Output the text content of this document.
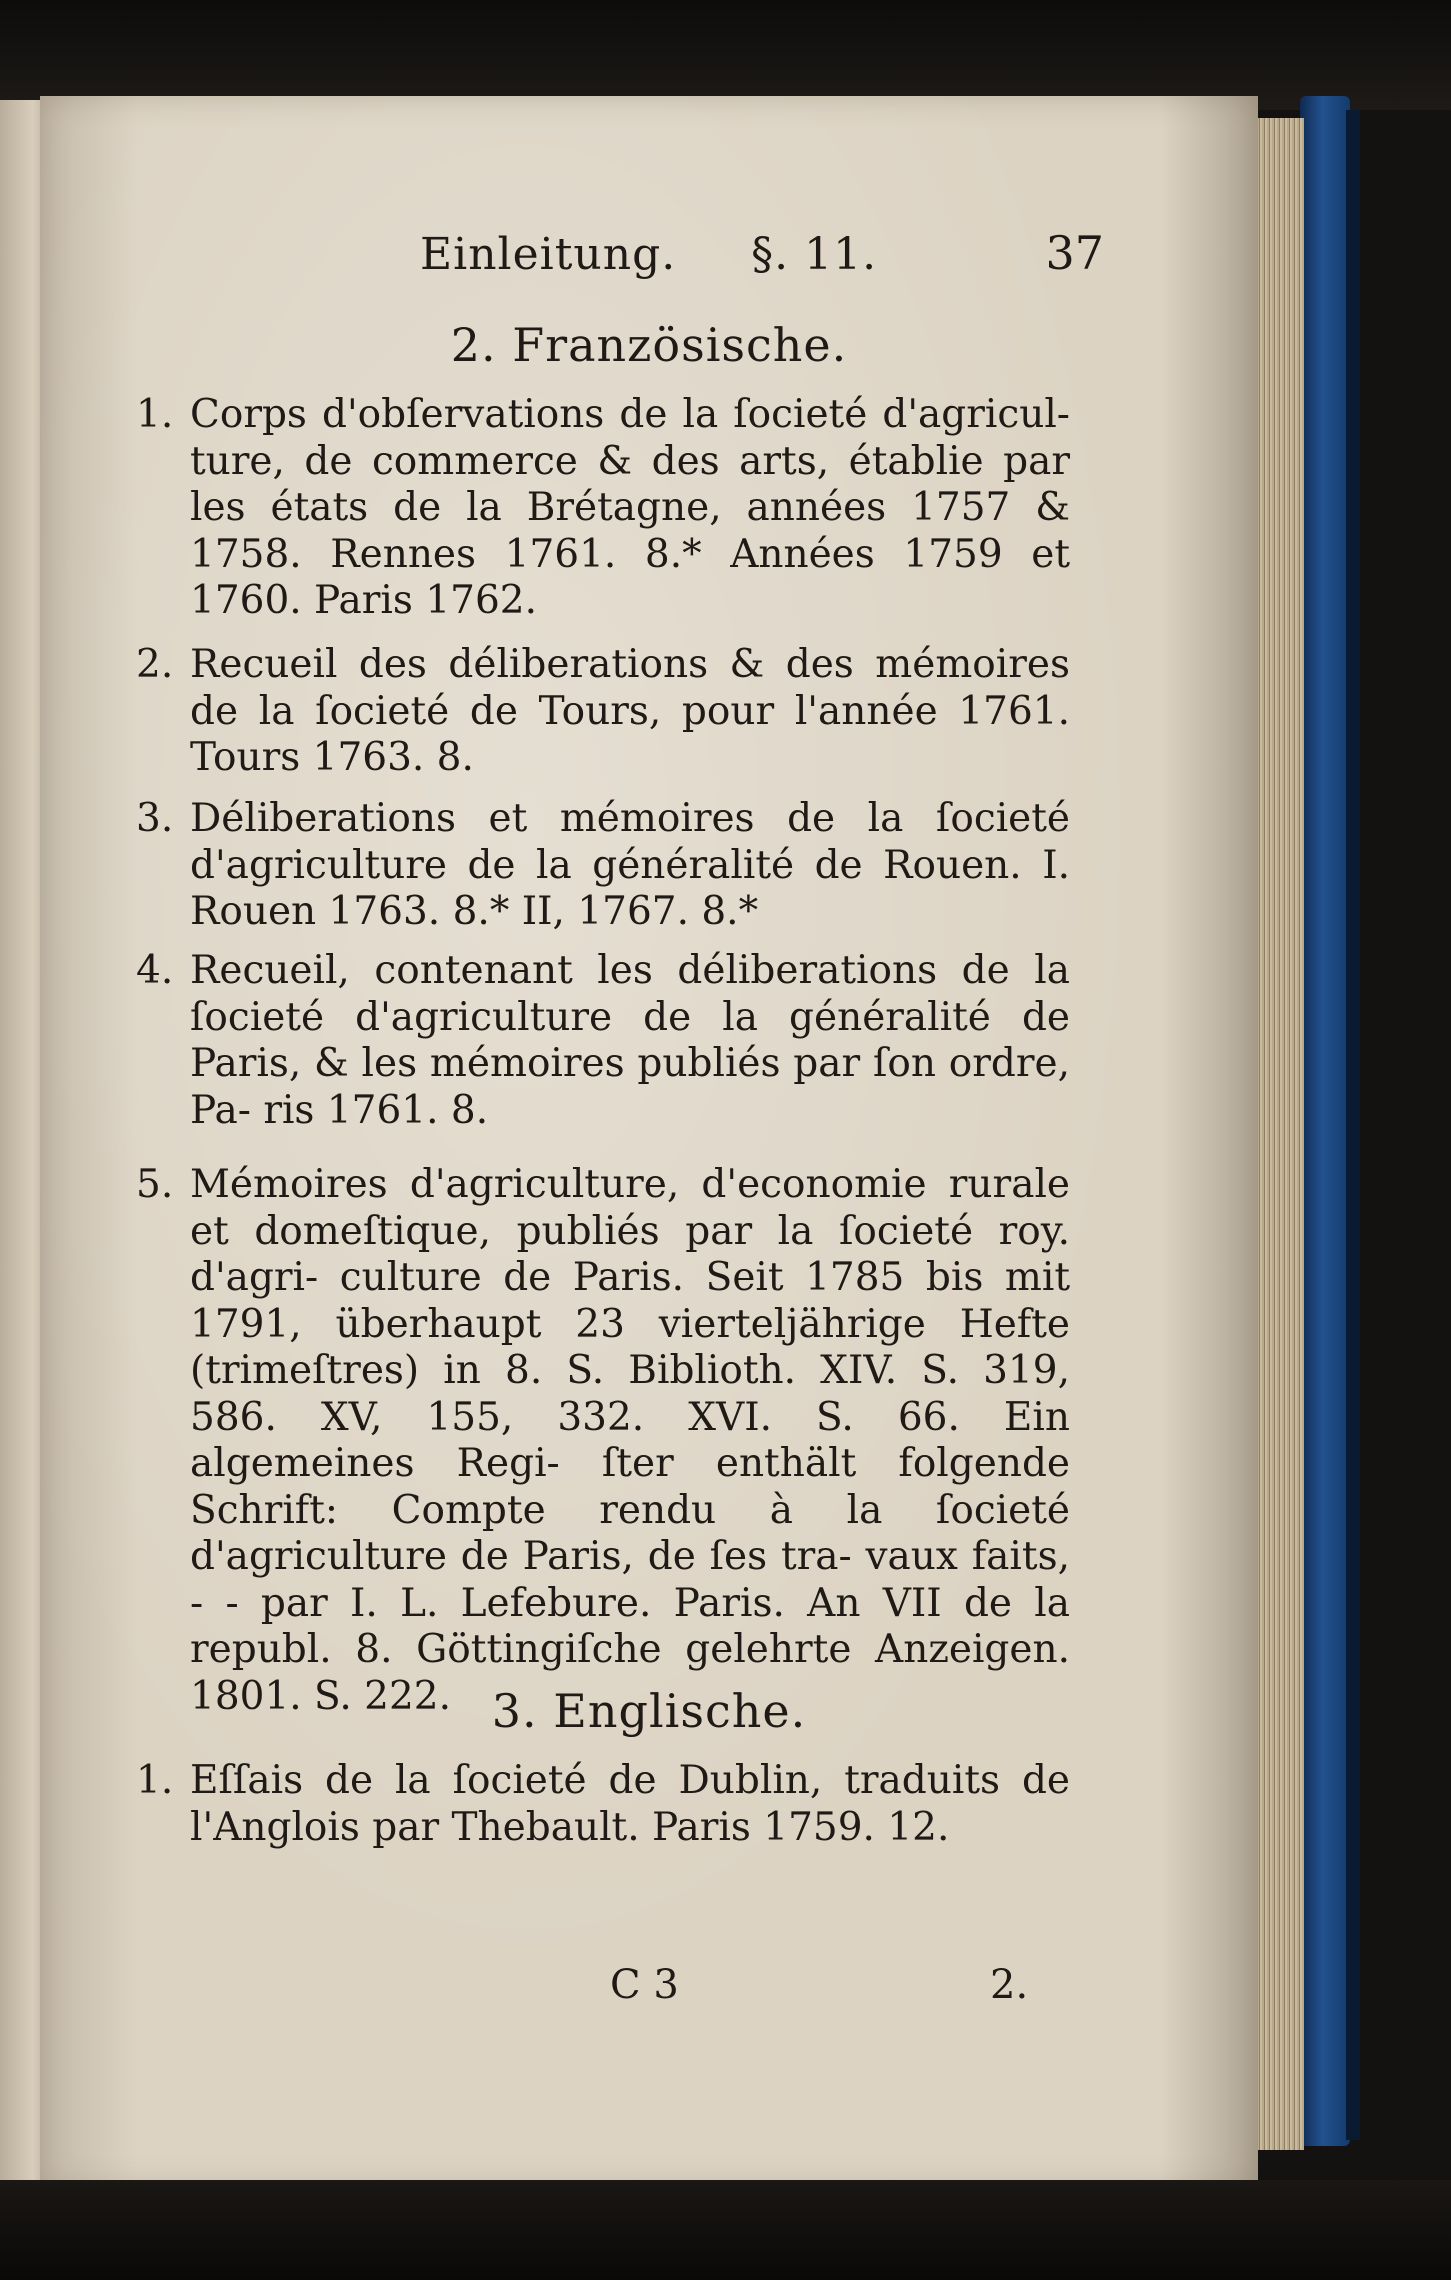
Einleitung. §. 11.	37
2. Französische.
1. Corps d'obſervations de la ſocieté d'agricul- ture, de commerce & des arts, établie par les états de la Brétagne, années 1757 & 1758. Rennes 1761. 8.* Années 1759 et 1760. Paris 1762.
2. Recueil des déliberations & des mémoires de la ſocieté de Tours, pour l'année 1761. Tours 1763. 8.
3. Déliberations et mémoires de la ſocieté d'agriculture de la généralité de Rouen. I. Rouen 1763. 8.* II, 1767. 8.*
4. Recueil, contenant les déliberations de la ſocieté d'agriculture de la généralité de Paris, & les mémoires publiés par ſon ordre, Pa- ris 1761. 8.
5. Mémoires d'agriculture, d'economie rurale et domeſtique, publiés par la ſocieté roy. d'agri- culture de Paris. Seit 1785 bis mit 1791, überhaupt 23 vierteljährige Hefte (trimeſtres) in 8. S. Biblioth. XIV. S. 319, 586. XV, 155, 332. XVI. S. 66. Ein algemeines Regi- ſter enthält folgende Schrift: Compte rendu à la ſocieté d'agriculture de Paris, de ſes tra- vaux faits, - - par I. L. Lefebure. Paris. An VII de la republ. 8. Göttingiſche gelehrte Anzeigen. 1801. S. 222. 3. Englische.
1. Eſſais de la ſocieté de Dublin, traduits de l'Anglois par Thebault. Paris 1759. 12.
C 3	2.
